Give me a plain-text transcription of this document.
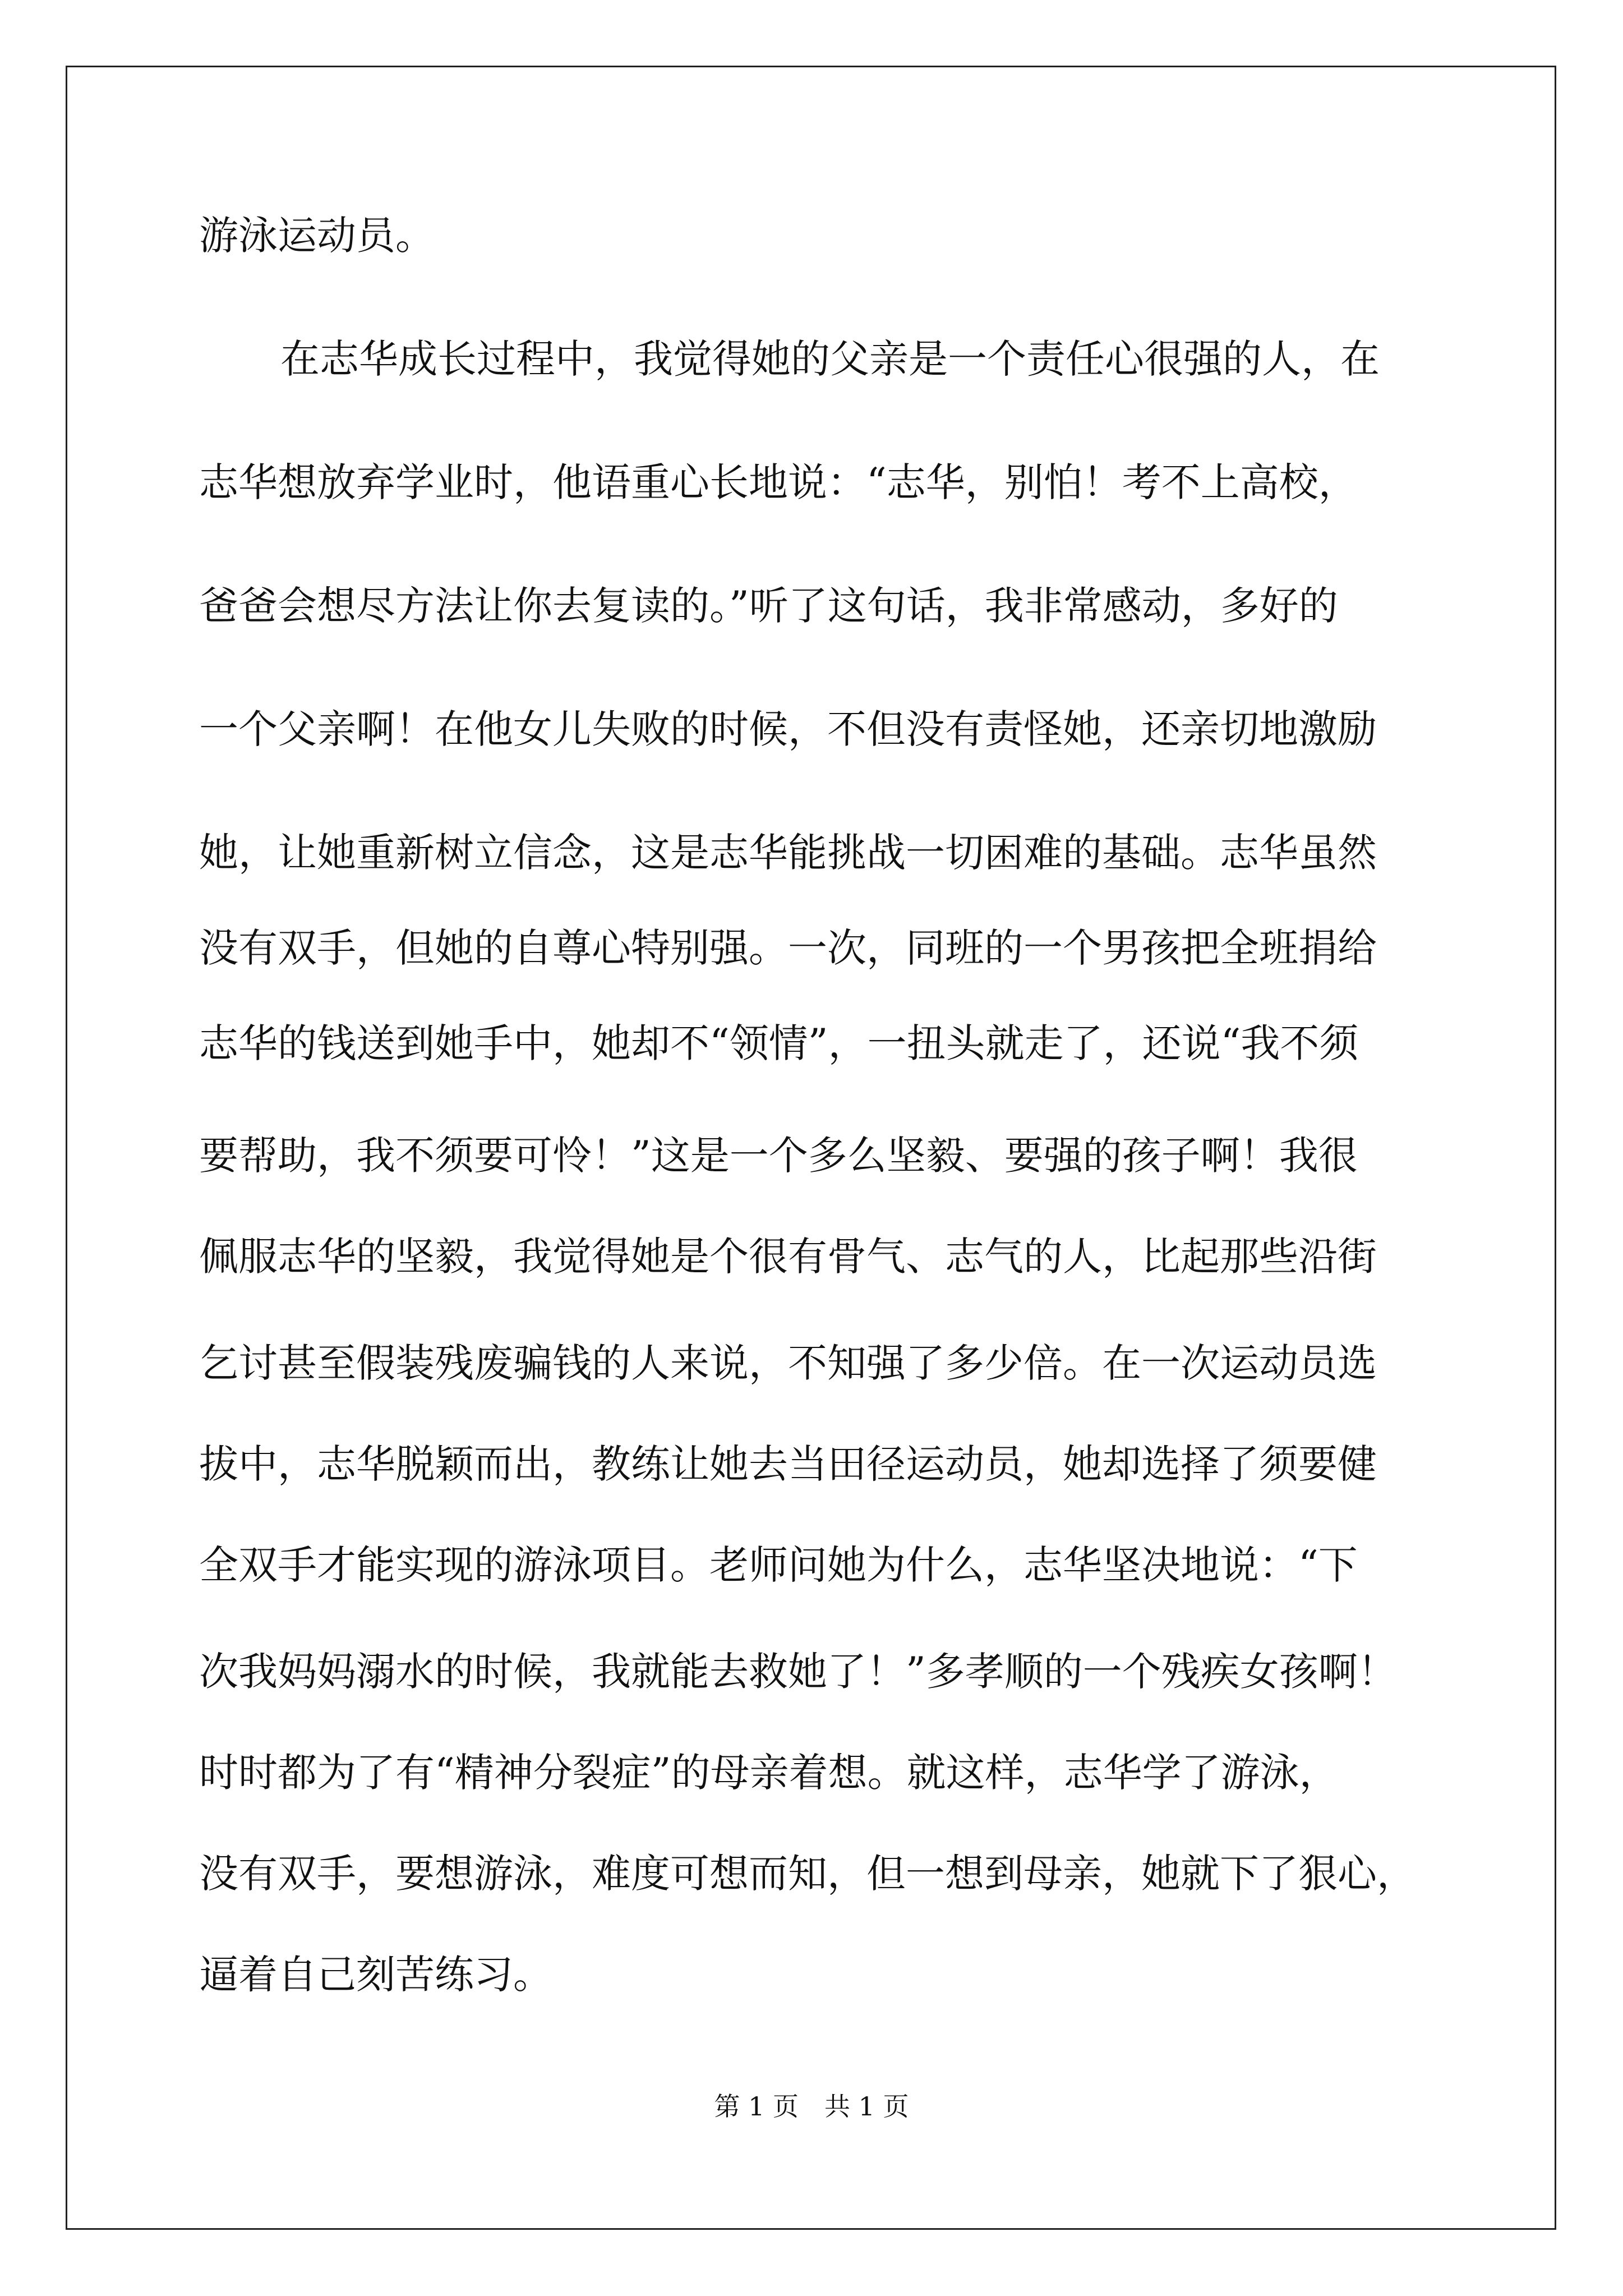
游泳运动员。
在志华成长过程中，我觉得她的父亲是一个责任心很强的人，在
志华想放弃学业时，他语重心长地说：“志华，别怕！考不上高校，
爸爸会想尽方法让你去复读的。”听了这句话，我非常感动，多好的
一个父亲啊！在他女儿失败的时候，不但没有责怪她，还亲切地激励
她，让她重新树立信念，这是志华能挑战一切困难的基础。志华虽然
没有双手，但她的自尊心特别强。一次，同班的一个男孩把全班捐给
志华的钱送到她手中，她却不“领情”，一扭头就走了，还说“我不须
要帮助，我不须要可怜！”这是一个多么坚毅、要强的孩子啊！我很
佩服志华的坚毅，我觉得她是个很有骨气、志气的人，比起那些沿街
乞讨甚至假装残废骗钱的人来说，不知强了多少倍。在一次运动员选
拔中，志华脱颖而出，教练让她去当田径运动员，她却选择了须要健
全双手才能实现的游泳项目。老师问她为什么，志华坚决地说：“下
次我妈妈溺水的时候，我就能去救她了！”多孝顺的一个残疾女孩啊！
时时都为了有“精神分裂症”的母亲着想。就这样，志华学了游泳，
没有双手，要想游泳，难度可想而知，但一想到母亲，她就下了狠心，
逼着自己刻苦练习。
第 1 页　共 1 页
